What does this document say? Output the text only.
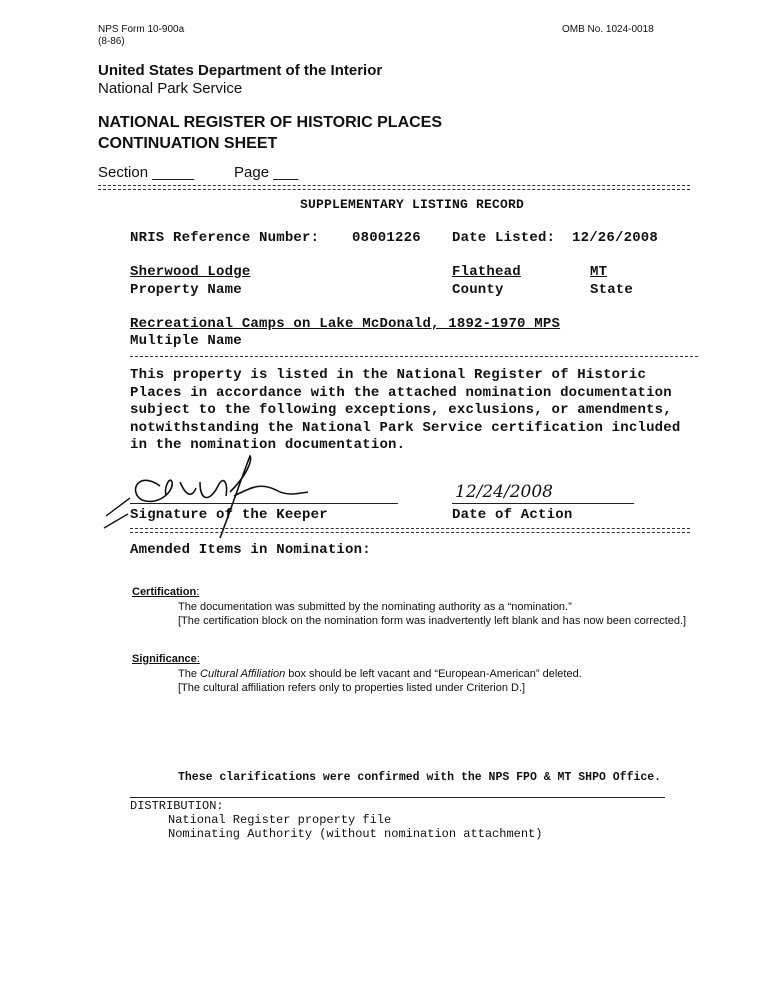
NPS Form 10-900a
(8-86)
OMB No. 1024-0018
United States Department of the Interior
National Park Service
NATIONAL REGISTER OF HISTORIC PLACES
CONTINUATION SHEET
Section _____	Page ___
SUPPLEMENTARY LISTING RECORD
NRIS Reference Number: 08001226 Date Listed: 12/26/2008
Sherwood Lodge
Property Name
Flathead
County
MT
State
Recreational Camps on Lake McDonald, 1892-1970 MPS
Multiple Name
This property is listed in the National Register of Historic
Places in accordance with the attached nomination documentation
subject to the following exceptions, exclusions, or amendments,
notwithstanding the National Park Service certification included
in the nomination documentation.
Signature of the Keeper
12/24/2008
Date of Action
Amended Items in Nomination:
Certification:
The documentation was submitted by the nominating authority as a “nomination.”
[The certification block on the nomination form was inadvertently left blank and has now been corrected.]
Significance:
The Cultural Affiliation box should be left vacant and “European-American” deleted.
[The cultural affiliation refers only to properties listed under Criterion D.]
These clarifications were confirmed with the NPS FPO & MT SHPO Office.
DISTRIBUTION:
National Register property file
Nominating Authority (without nomination attachment)
